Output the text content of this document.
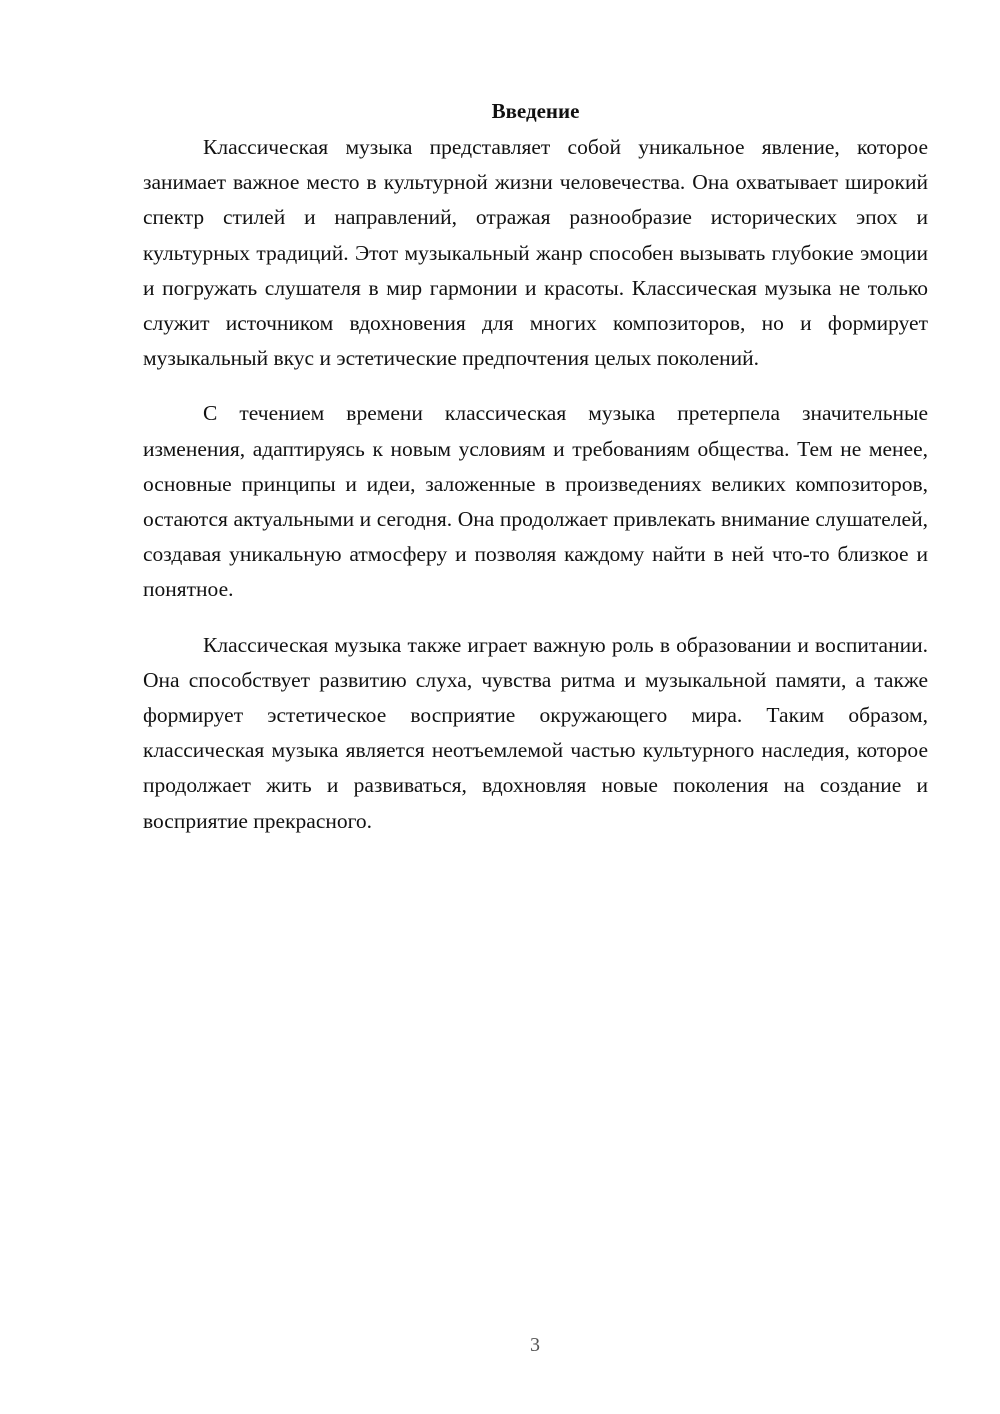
Введение

Классическая музыка представляет собой уникальное явление, которое занимает важное место в культурной жизни человечества. Она охватывает широкий спектр стилей и направлений, отражая разнообразие исторических эпох и культурных традиций. Этот музыкальный жанр способен вызывать глубокие эмоции и погружать слушателя в мир гармонии и красоты. Классическая музыка не только служит источником вдохновения для многих композиторов, но и формирует музыкальный вкус и эстетические предпочтения целых поколений.

С течением времени классическая музыка претерпела значительные изменения, адаптируясь к новым условиям и требованиям общества. Тем не менее, основные принципы и идеи, заложенные в произведениях великих композиторов, остаются актуальными и сегодня. Она продолжает привлекать внимание слушателей, создавая уникальную атмосферу и позволяя каждому найти в ней что-то близкое и понятное.

Классическая музыка также играет важную роль в образовании и воспитании. Она способствует развитию слуха, чувства ритма и музыкальной памяти, а также формирует эстетическое восприятие окружающего мира. Таким образом, классическая музыка является неотъемлемой частью культурного наследия, которое продолжает жить и развиваться, вдохновляя новые поколения на создание и восприятие прекрасного.

3
